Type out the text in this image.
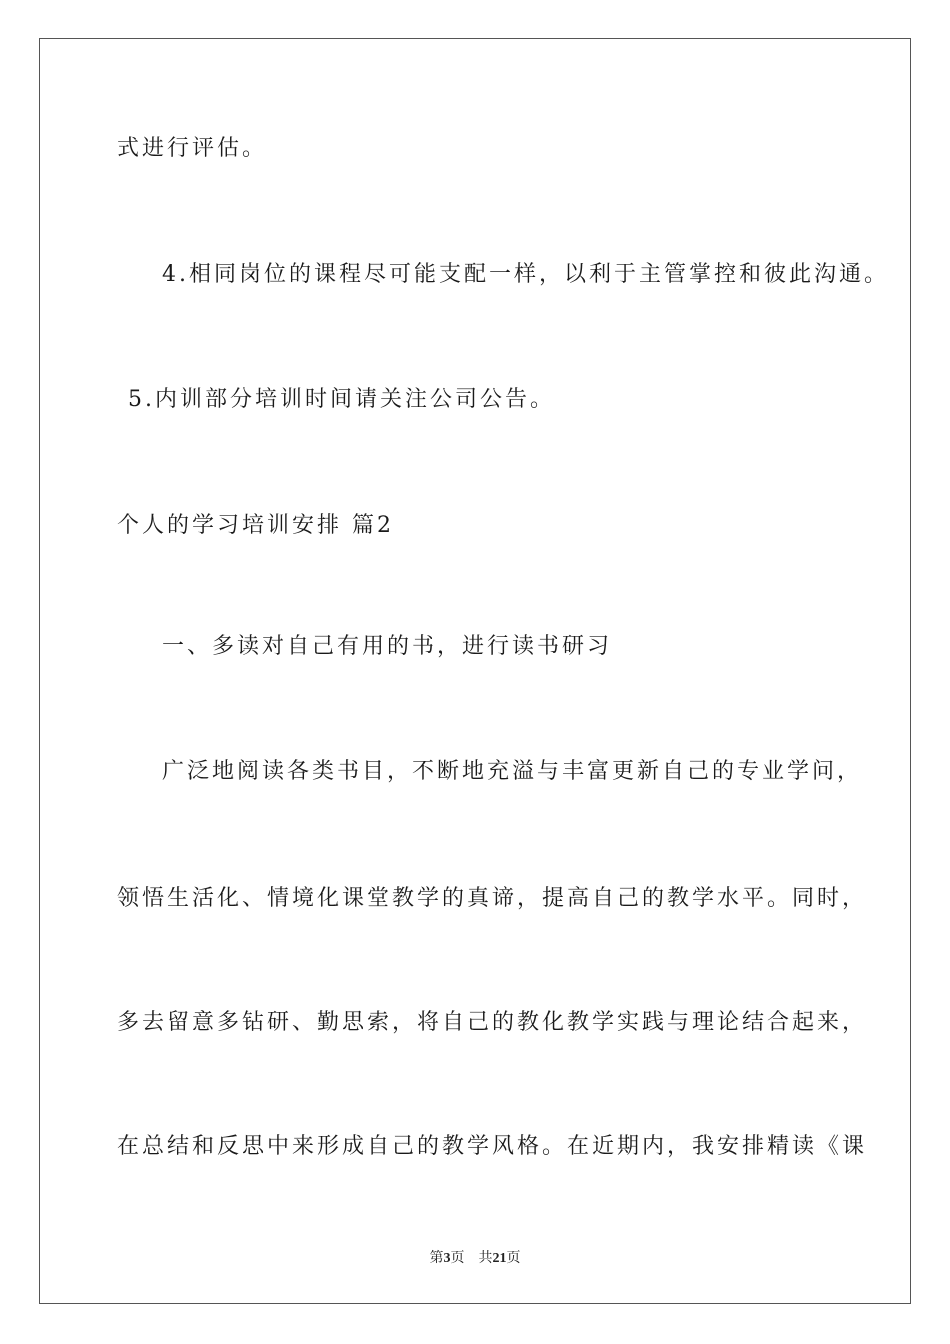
式进行评估。
4.相同岗位的课程尽可能支配一样，以利于主管掌控和彼此沟通。
5.内训部分培训时间请关注公司公告。
个人的学习培训安排 篇2
一、多读对自己有用的书，进行读书研习
广泛地阅读各类书目，不断地充溢与丰富更新自己的专业学问，
领悟生活化、情境化课堂教学的真谛，提高自己的教学水平。同时，
多去留意多钻研、勤思索，将自己的教化教学实践与理论结合起来，
在总结和反思中来形成自己的教学风格。在近期内，我安排精读《课
第3页 共21页
